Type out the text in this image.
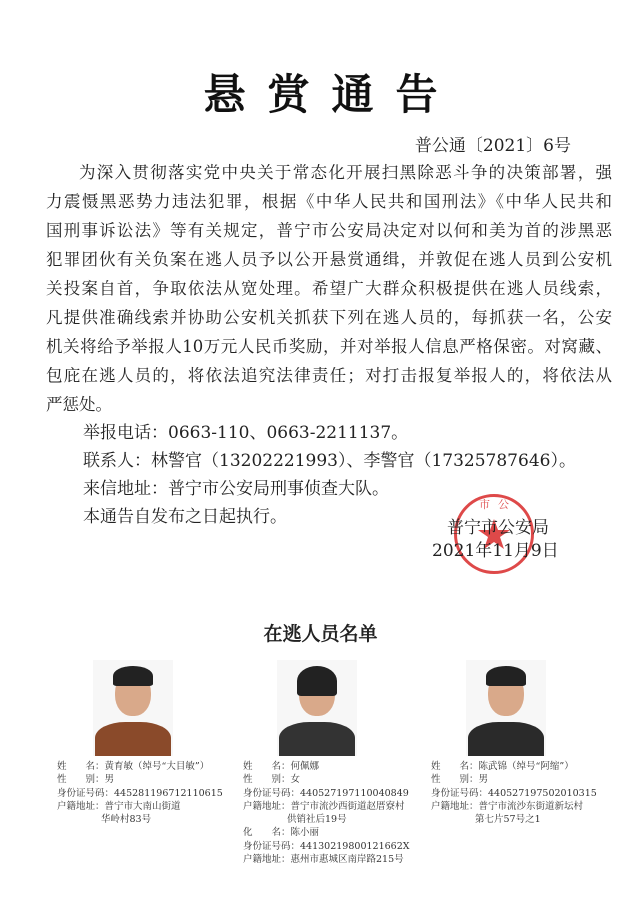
悬赏通告
普公通〔2021〕6号
为深入贯彻落实党中央关于常态化开展扫黑除恶斗争的决策部署，强
力震慑黑恶势力违法犯罪，根据《中华人民共和国刑法》《中华人民共和
国刑事诉讼法》等有关规定，普宁市公安局决定对以何和美为首的涉黑恶
犯罪团伙有关负案在逃人员予以公开悬赏通缉，并敦促在逃人员到公安机
关投案自首，争取依法从宽处理。希望广大群众积极提供在逃人员线索，
凡提供准确线索并协助公安机关抓获下列在逃人员的，每抓获一名，公安
机关将给予举报人10万元人民币奖励，并对举报人信息严格保密。对窝藏、
包庇在逃人员的，将依法追究法律责任；对打击报复举报人的，将依法从
严惩处。
举报电话：0663-110、0663-2211137。
联系人：林警官（13202221993）、李警官（17325787646）。
来信地址：普宁市公安局刑事侦查大队。
本通告自发布之日起执行。
市公
普宁市公安局
2021年11月9日
在逃人员名单
姓　　名：黄育敏（绰号“大目敏”）
性　　别：男
身份证号码：445281196712110615
户籍地址：普宁市大南山街道
华岭村83号
姓　　名：何佩娜
性　　别：女
身份证号码：440527197110040849
户籍地址：普宁市流沙西街道赵厝寮村
供销社后19号
化　　名：陈小丽
身份证号码：44130219800121662X
户籍地址：惠州市惠城区南岸路215号
姓　　名：陈武锦（绰号“阿缩”）
性　　别：男
身份证号码：440527197502010315
户籍地址：普宁市流沙东街道新坛村
第七片57号之1
